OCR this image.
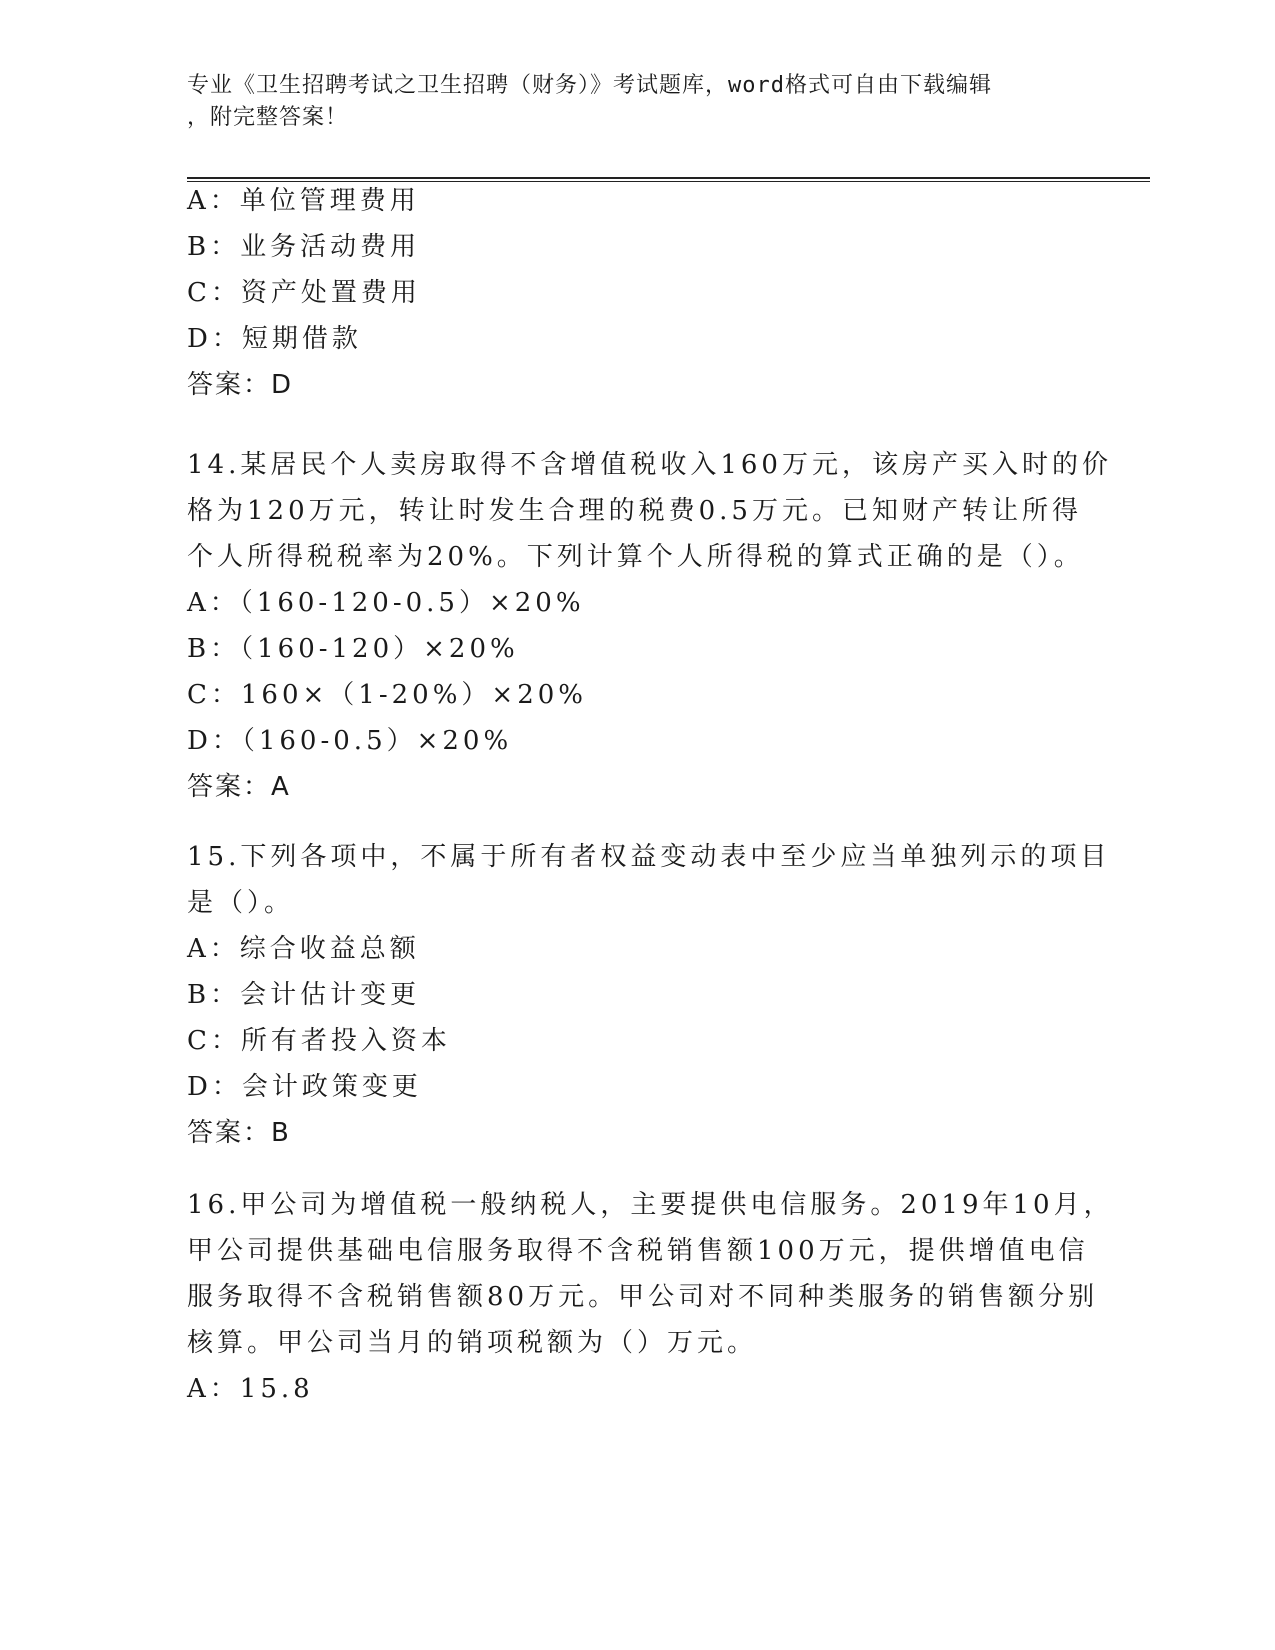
专业《卫生招聘考试之卫生招聘（财务）》考试题库，word格式可自由下载编辑
，附完整答案！
A：单位管理费用
B：业务活动费用
C：资产处置费用
D：短期借款
答案：D
14.某居民个人卖房取得不含增值税收入160万元，该房产买入时的价
格为120万元，转让时发生合理的税费0.5万元。已知财产转让所得
个人所得税税率为20%。下列计算个人所得税的算式正确的是（）。
A：（160-120-0.5）×20%
B：（160-120）×20%
C：160×（1-20%）×20%
D：（160-0.5）×20%
答案：A
15.下列各项中，不属于所有者权益变动表中至少应当单独列示的项目
是（）。
A：综合收益总额
B：会计估计变更
C：所有者投入资本
D：会计政策变更
答案：B
16.甲公司为增值税一般纳税人，主要提供电信服务。2019年10月，
甲公司提供基础电信服务取得不含税销售额100万元，提供增值电信
服务取得不含税销售额80万元。甲公司对不同种类服务的销售额分别
核算。甲公司当月的销项税额为（）万元。
A：15.8
